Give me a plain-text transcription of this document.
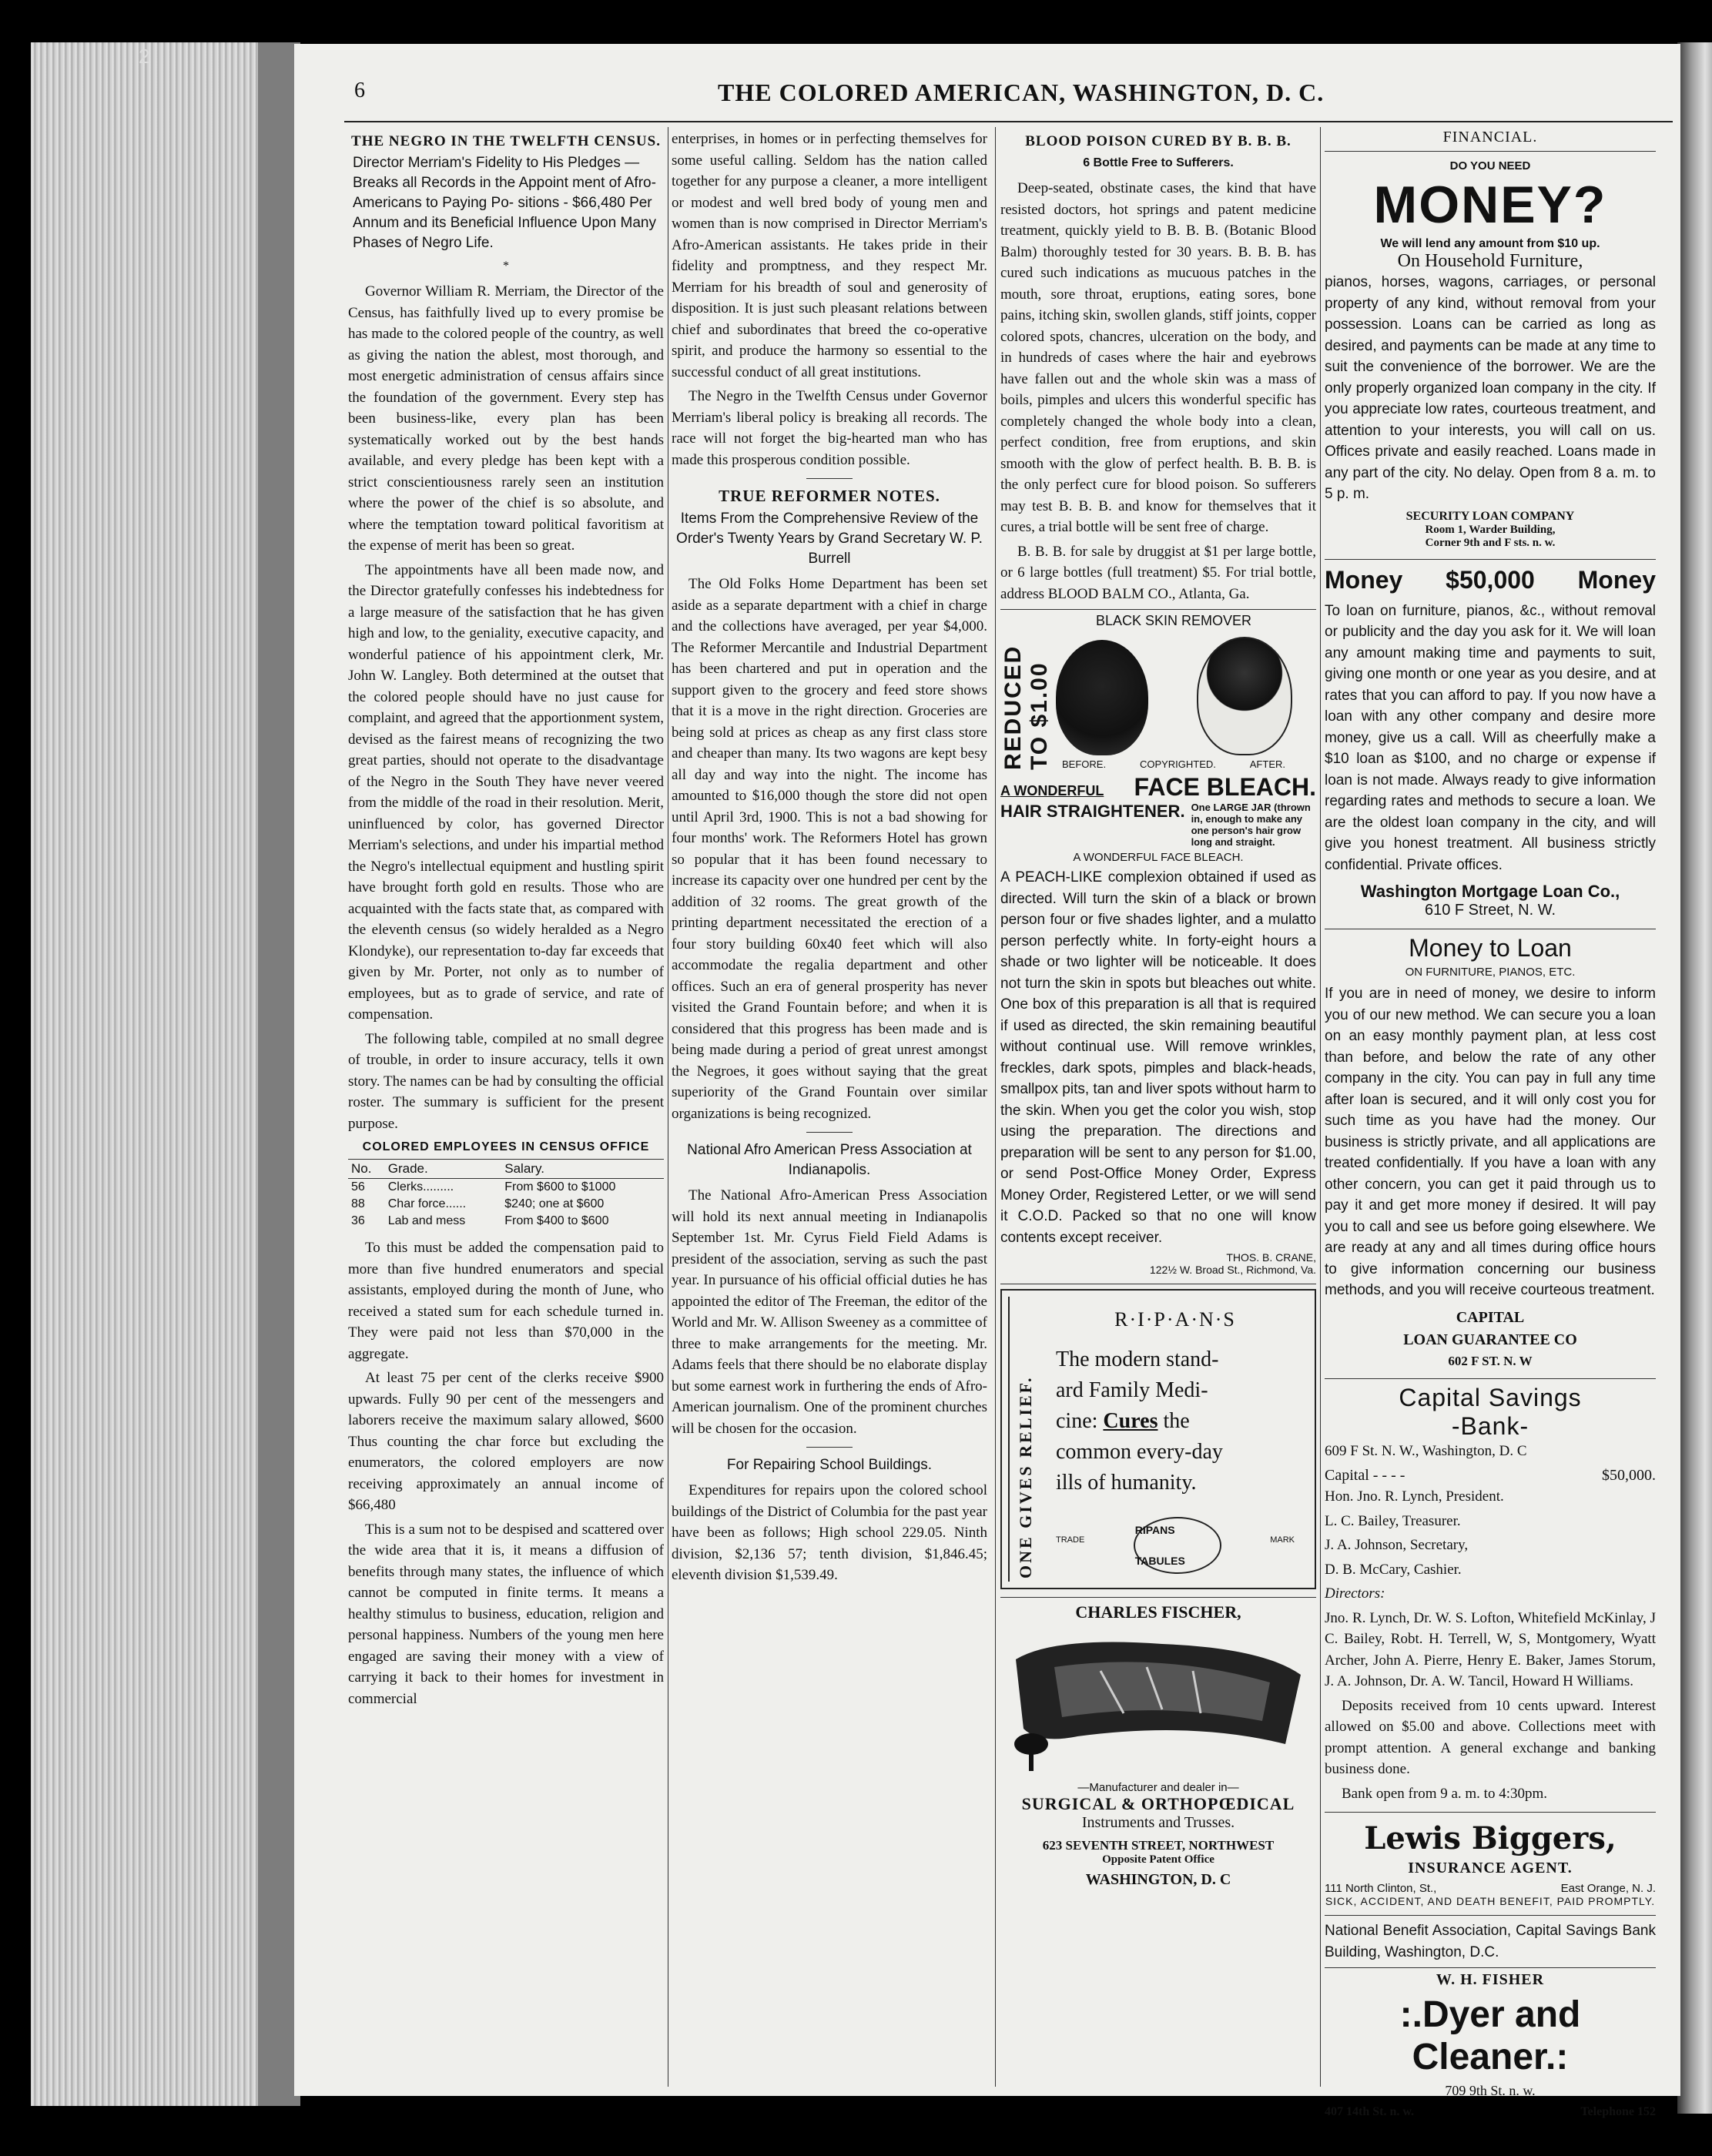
2
6	THE COLORED AMERICAN, WASHINGTON, D. C.
THE NEGRO IN THE TWELFTH CENSUS.
Director Merriam's Fidelity to His Pledges —Breaks all Records in the Appoint ment of Afro-Americans to Paying Po- sitions - $66,480 Per Annum and its Beneficial Influence Upon Many Phases of Negro Life.
*

Governor William R. Merriam, the Director of the Census, has faithfully lived up to every promise be has made to the colored people of the country, as well as giving the nation the ablest, most thorough, and most energetic administration of census affairs since the foundation of the government. Every step has been business-like, every plan has been systematically worked out by the best hands available, and every pledge has been kept with a strict conscientiousness rarely seen an institution where the power of the chief is so absolute, and where the temptation toward political favoritism at the expense of merit has been so great.

The appointments have all been made now, and the Director gratefully confesses his indebtedness for a large measure of the satisfaction that he has given high and low, to the geniality, executive capacity, and wonderful patience of his appointment clerk, Mr. John W. Langley. Both determined at the outset that the colored people should have no just cause for complaint, and agreed that the apportionment system, devised as the fairest means of recognizing the two great parties, should not operate to the disadvantage of the Negro in the South They have never veered from the middle of the road in their resolution. Merit, uninfluenced by color, has governed Director Merriam's selections, and under his impartial method the Negro's intellectual equipment and hustling spirit have brought forth gold en results. Those who are acquainted with the facts state that, as compared with the eleventh census (so widely heralded as a Negro Klondyke), our representation to-day far exceeds that given by Mr. Porter, not only as to number of employees, but as to grade of service, and rate of compensation.

The following table, compiled at no small degree of trouble, in order to insure accuracy, tells it own story. The names can be had by consulting the official roster. The summary is sufficient for the present purpose.

COLORED EMPLOYEES IN CENSUS OFFICE
No.	Grade.	Salary.
56	Clerks.........	From $600 to $1000
88	Char force......	$240; one at $600
36	Lab and mess	From $400 to $600

To this must be added the compensation paid to more than five hundred enumerators and special assistants, employed during the month of June, who received a stated sum for each schedule turned in. They were paid not less than $70,000 in the aggregate.

At least 75 per cent of the clerks receive $900 upwards. Fully 90 per cent of the messengers and laborers receive the maximum salary allowed, $600 Thus counting the char force but excluding the enumerators, the colored employers are now receiving approximately an annual income of $66,480

This is a sum not to be despised and scattered over the wide area that it is, it means a diffusion of benefits through many states, the influence of which cannot be computed in finite terms. It means a healthy stimulus to business, education, religion and personal happiness. Numbers of the young men here engaged are saving their money with a view of carrying it back to their homes for investment in commercial

enterprises, in homes or in perfecting themselves for some useful calling. Seldom has the nation called together for any purpose a cleaner, a more intelligent or modest and well bred body of young men and women than is now comprised in Director Merriam's Afro-American assistants. He takes pride in their fidelity and promptness, and they respect Mr. Merriam for his breadth of soul and generosity of disposition. It is just such pleasant relations between chief and subordinates that breed the co-operative spirit, and produce the harmony so essential to the successful conduct of all great institutions.

The Negro in the Twelfth Census under Governor Merriam's liberal policy is breaking all records. The race will not forget the big-hearted man who has made this prosperous condition possible.

TRUE REFORMER NOTES.
Items From the Comprehensive Review of the Order's Twenty Years by Grand Secretary W. P. Burrell

The Old Folks Home Department has been set aside as a separate department with a chief in charge and the collections have averaged, per year $4,000. The Reformer Mercantile and Industrial Department has been chartered and put in operation and the support given to the grocery and feed store shows that it is a move in the right direction. Groceries are being sold at prices as cheap as any first class store and cheaper than many. Its two wagons are kept besy all day and way into the night. The income has amounted to $16,000 though the store did not open until April 3rd, 1900. This is not a bad showing for four months' work. The Reformers Hotel has grown so popular that it has been found necessary to increase its capacity over one hundred per cent by the addition of 32 rooms. The great growth of the printing department necessitated the erection of a four story building 60x40 feet which will also accommodate the regalia department and other offices. Such an era of general prosperity has never visited the Grand Fountain before; and when it is considered that this progress has been made and is being made during a period of great unrest amongst the Negroes, it goes without saying that the great superiority of the Grand Fountain over similar organizations is being recognized.

National Afro American Press Association at Indianapolis.

The National Afro-American Press Association will hold its next annual meeting in Indianapolis September 1st. Mr. Cyrus Field Field Adams is president of the association, serving as such the past year. In pursuance of his official official duties he has appointed the editor of The Freeman, the editor of the World and Mr. W. Allison Sweeney as a committee of three to make arrangements for the meeting. Mr. Adams feels that there should be no elaborate display but some earnest work in furthering the ends of Afro-American journalism. One of the prominent churches will be chosen for the occasion.

For Repairing School Buildings.

Expenditures for repairs upon the colored school buildings of the District of Columbia for the past year have been as follows; High school 229.05. Ninth division, $2,136 57; tenth division, $1,846.45; eleventh division $1,539.49.

BLOOD POISON CURED BY B. B. B.
6 Bottle Free to Sufferers.

Deep-seated, obstinate cases, the kind that have resisted doctors, hot springs and patent medicine treatment, quickly yield to B. B. B. (Botanic Blood Balm) thoroughly tested for 30 years. B. B. B. has cured such indications as mucuous patches in the mouth, sore throat, eruptions, eating sores, bone pains, itching skin, swollen glands, stiff joints, copper colored spots, chancres, ulceration on the body, and in hundreds of cases where the hair and eyebrows have fallen out and the whole skin was a mass of boils, pimples and ulcers this wonderful specific has completely changed the whole body into a clean, perfect condition, free from eruptions, and skin smooth with the glow of perfect health. B. B. B. is the only perfect cure for blood poison. So sufferers may test B. B. B. and know for themselves that it cures, a trial bottle will be sent free of charge.

B. B. B. for sale by druggist at $1 per large bottle, or 6 large bottles (full treatment) $5. For trial bottle, address BLOOD BALM CO., Atlanta, Ga.

REDUCED TO $1.00
BLACK SKIN REMOVER
BEFORE.	COPYRIGHTED.	AFTER.
A WONDERFUL FACE BLEACH.
HAIR STRAIGHTENER. One LARGE JAR (thrown in, enough to make any one person's hair grow long and straight.
A WONDERFUL FACE BLEACH.

A PEACH-LIKE complexion obtained if used as directed. Will turn the skin of a black or brown person four or five shades lighter, and a mulatto person perfectly white. In forty-eight hours a shade or two lighter will be noticeable. It does not turn the skin in spots but bleaches out white. One box of this preparation is all that is required if used as directed, the skin remaining beautiful without continual use. Will remove wrinkles, freckles, dark spots, pimples and black-heads, smallpox pits, tan and liver spots without harm to the skin. When you get the color you wish, stop using the preparation. The directions and preparation will be sent to any person for $1.00, or send Post-Office Money Order, Express Money Order, Registered Letter, or we will send it C.O.D. Packed so that no one will know contents except receiver.

THOS. B. CRANE,
122½ W. Broad St., Richmond, Va.
ONE GIVES RELIEF.
R·I·P·A·N·S
The modern stand-
ard Family Medi-
cine: Cures the
common every-day
ills of humanity.
TRADE
RIPANS TABULES
MARK
CHARLES FISCHER,
—Manufacturer and dealer in—
SURGICAL & ORTHOPŒDICAL
Instruments and Trusses.
623 SEVENTH STREET, NORTHWEST
Opposite Patent Office
WASHINGTON, D. C
FINANCIAL.
DO YOU NEED
MONEY?
We will lend any amount from $10 up.
On Household Furniture,

pianos, horses, wagons, carriages, or personal property of any kind, without removal from your possession. Loans can be carried as long as desired, and payments can be made at any time to suit the convenience of the borrower. We are the only properly organized loan company in the city. If you appreciate low rates, courteous treatment, and attention to your interests, you will call on us. Offices private and easily reached. Loans made in any part of the city. No delay. Open from 8 a. m. to 5 p. m.

SECURITY LOAN COMPANY
Room 1, Warder Building,
Corner 9th and F sts. n. w.
Money $50,000 Money

To loan on furniture, pianos, &c., without removal or publicity and the day you ask for it. We will loan any amount making time and payments to suit, giving one month or one year as you desire, and at rates that you can afford to pay. If you now have a loan with any other company and desire more money, give us a call. Will as cheerfully make a $10 loan as $100, and no charge or expense if loan is not made. Always ready to give information regarding rates and methods to secure a loan. We are the oldest loan company in the city, and will give you honest treatment. All business strictly confidential. Private offices.

Washington Mortgage Loan Co.,
610 F Street, N. W.
Money to Loan
ON FURNITURE, PIANOS, ETC.

If you are in need of money, we desire to inform you of our new method. We can secure you a loan on an easy monthly payment plan, at less cost than before, and below the rate of any other company in the city. You can pay in full any time after loan is secured, and it will only cost you for such time as you have had the money. Our business is strictly private, and all applications are treated confidentially. If you have a loan with any other concern, you can get it paid through us to pay it and get more money if desired. It will pay you to call and see us before going elsewhere. We are ready at any and all times during office hours to give information concerning our business methods, and you will receive courteous treatment.

CAPITAL
LOAN GUARANTEE CO
602 F ST. N. W
Capital Savings
-Bank-

609 F St. N. W., Washington, D. C

Capital - - - -	$50,000.

Hon. Jno. R. Lynch, President.

L. C. Bailey, Treasurer.

J. A. Johnson, Secretary,

D. B. McCary, Cashier.

Directors:

Jno. R. Lynch, Dr. W. S. Lofton, Whitefield McKinlay, J C. Bailey, Robt. H. Terrell, W, S, Montgomery, Wyatt Archer, John A. Pierre, Henry E. Baker, James Storum, J. A. Johnson, Dr. A. W. Tancil, Howard H Williams.

Deposits received from 10 cents upward. Interest allowed on $5.00 and above. Collections meet with prompt attention. A general exchange and banking business done.

Bank open from 9 a. m. to 4:30pm.

Lewis Biggers,
INSURANCE AGENT.
111 North Clinton, St.,	East Orange, N. J.
SICK, ACCIDENT, AND DEATH BENEFIT, PAID PROMPTLY.

National Benefit Association, Capital Savings Bank Building, Washington, D.C.

W. H. FISHER
:.Dyer and Cleaner.:
709 9th St. n. w.
407 14th St. n. w.	Telephone 152
